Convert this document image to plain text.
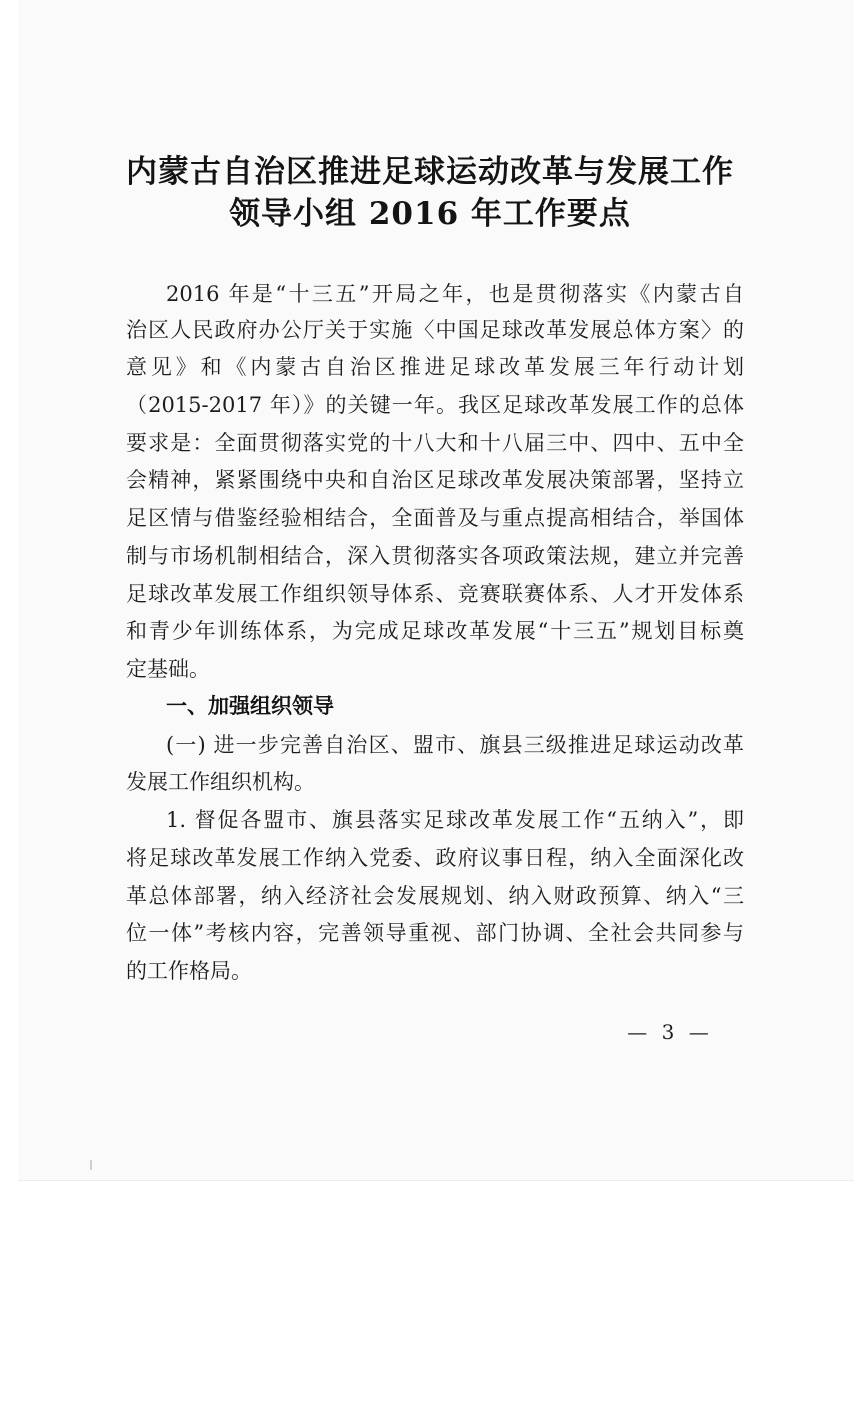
内蒙古自治区推进足球运动改革与发展工作
领导小组 2016 年工作要点
2016 年是“十三五”开局之年，也是贯彻落实《内蒙古自
治区人民政府办公厅关于实施〈中国足球改革发展总体方案〉的
意见》和《内蒙古自治区推进足球改革发展三年行动计划
（2015-2017 年）》的关键一年。我区足球改革发展工作的总体
要求是：全面贯彻落实党的十八大和十八届三中、四中、五中全
会精神，紧紧围绕中央和自治区足球改革发展决策部署，坚持立
足区情与借鉴经验相结合，全面普及与重点提高相结合，举国体
制与市场机制相结合，深入贯彻落实各项政策法规，建立并完善
足球改革发展工作组织领导体系、竞赛联赛体系、人才开发体系
和青少年训练体系，为完成足球改革发展“十三五”规划目标奠
定基础。
一、加强组织领导
(一) 进一步完善自治区、盟市、旗县三级推进足球运动改革
发展工作组织机构。
1. 督促各盟市、旗县落实足球改革发展工作“五纳入”，即
将足球改革发展工作纳入党委、政府议事日程，纳入全面深化改
革总体部署，纳入经济社会发展规划、纳入财政预算、纳入“三
位一体”考核内容，完善领导重视、部门协调、全社会共同参与
的工作格局。
— 3 —
